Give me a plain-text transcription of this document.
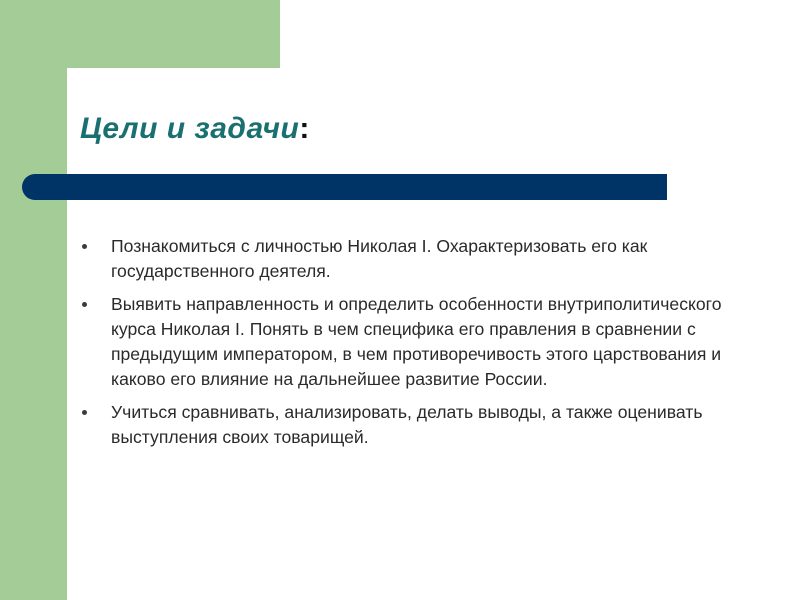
Цели и задачи:
Познакомиться с личностью Николая I. Охарактеризовать его как государственного деятеля.
Выявить направленность и определить особенности внутриполитического курса Николая I. Понять в чем специфика его правления в сравнении с предыдущим императором, в чем противоречивость этого царствования и каково его влияние на дальнейшее развитие России.
Учиться сравнивать, анализировать, делать выводы, а также оценивать выступления своих товарищей.
